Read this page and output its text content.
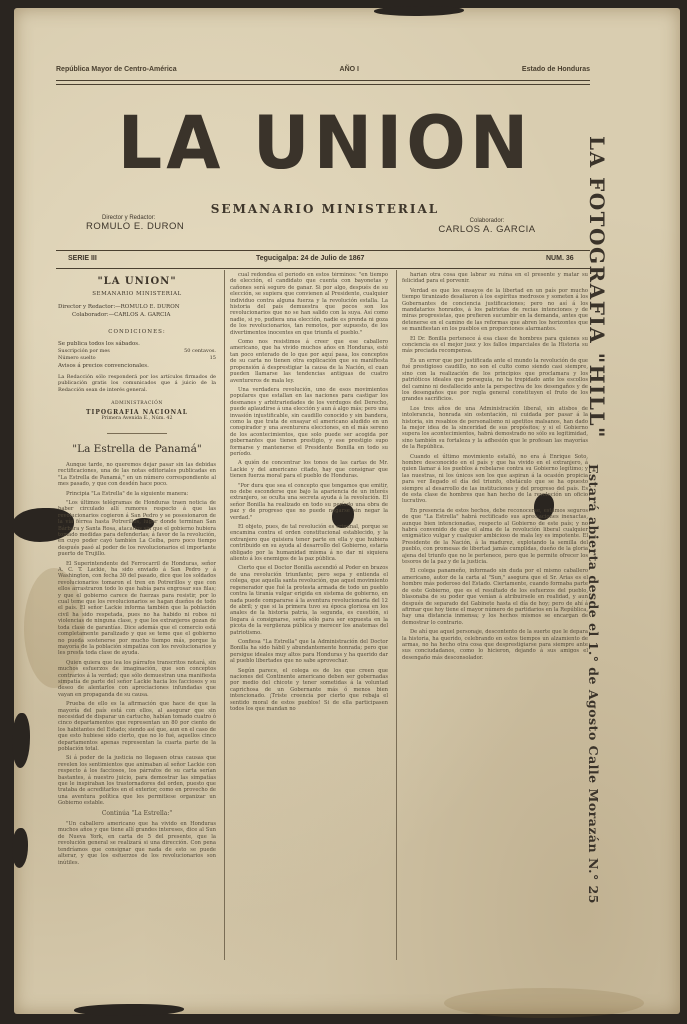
República Mayor de Centro-América	AÑO I	Estado de Honduras
LA UNION
SEMANARIO MINISTERIAL
Director y Redactor:
ROMULO E. DURON	Colaborador:
CARLOS A. GARCIA
SERIE III	Tegucigalpa: 24 de Julio de 1867	NUM. 36
"LA UNION"
SEMANARIO MINISTERIAL
Director y Redactor:—ROMULO E. DURON
Colaborador:—CARLOS A. GARCIA
CONDICIONES:
Se publica todos los sábados.
Suscripción por mes	50 centavos.
Número suelto	15
Avisos á precios convencionales.
La Redacción sólo responderá por los artículos firmados de publicación gratis los comunicados que á juicio de la Redacción sean de interés general.
ADMINISTRACIÓN
TIPOGRAFIA NACIONAL
Primera Avenida E., Núm. 42
"La Estrella de Panamá"

Aunque tarde, no queremos dejar pasar sin las debidas rectificaciones, una de las notas editoriales publicadas en "La Estrella de Panamá," en un número correspondiente al mes pasado, y que con desdén hace poco.

Principia "La Estrella" de la siguiente manera:

"Los últimos telégramas de Honduras traen noticia de haber circulado allí rumores respecto á que las revolucionarios cogieron á San Pedro y se posesionaron de la vía férrea hasta Potrerillos, lugar donde terminan San Bárbara y Santa Rosa, atacados sin que el gobierno hubiera tomado medidas para defenderlas; á favor de la revolución, en cuyo poder cayó también La Ceiba, pero poco tiempo después pasó al poder de los revolucionarios el importante puerto de Trujillo.

El Superintendente del Ferrocarril de Honduras, señor A. C. T. Lackie, ha sido enviado á San Pedro y á Washington, con fecha 30 del pasado, dice que los soldados revolucionarios tomaron el tren en Potrerillos y que con ellos arrastraron todo lo que había para engrosar sus filas; y que el gobierno carece de fuerzas para resistir, por lo cual teme que los revolucionarios se hagan dueños de todo el país. El señor Lackie informa también que la población civil ha sido respetada, pues no ha habido ni robos ni violencias de ninguna clase, y que los extranjeros gozan de toda clase de garantías. Dice además que el comercio está completamente paralizado y que se teme que el gobierno no pueda sostenerse por mucho tiempo más, porque la mayoría de la población simpatiza con los revolucionarios y les presta toda clase de ayuda.

Quien quiera que lea los párrafos transcritos notará, sin muchos esfuerzos de imaginación, que son conceptos contrarios á la verdad; que sólo demuestran una manifiesta simpatía de parte del señor Lackie hacia los facciosos y su deseo de alentarlos con apreciaciones infundadas que vayan en propaganda de su causa.

Prueba de ello es la afirmación que hace de que la mayoría del país está con ellos, al asegurar que sin necesidad de disparar un cartucho, habían tomado cuatro ó cinco departamentos que representan un 80 por ciento de los habitantes del Estado; siendo así que, aun en el caso de que esto hubiese sido cierto, que no lo fué, aquellos cinco departamentos apenas representan la cuarta parte de la población total.

Si á poder de la justicia no llegasen otras causas que revelen los sentimientos que animaban al señor Lackie con respecto á los facciosos, los párrafos de su carta serían bastantes, á nuestro juicio, para demostrar las simpatías que le inspiraban los trastornadores del orden, puesto que trataba de acreditarlos en el exterior, como en provecho de una aventura política que les permitiese organizar un Gobierno estable.

Continúa "La Estrella:"

"Un caballero americano que ha vivido en Honduras muchos años y que tiene allí grandes intereses, dice al Sun de Nueva York, en carta de 5 del presente, que la revolución general se realizará si una dirección. Con pena tendríamos que consignar que nada de esto se puede alterar, y que los esfuerzos de los revolucionarios son inútiles.

cual redondea el período en estos términos: "en tiempo de elección, el candidato que cuenta con bayonetas y cañones será seguro de ganar. Si por algo, después de su elección, se supiera que convienen al Presidente, cualquier individuo contra alguna fuerza y la revolución estalla. La historia del país demuestra que pocos son los revolucionarios que no se han salido con la suya. Así como nadie, si yo, pudiera una elección, nadie es prenda ni goza de los revolucionarios, tan remotos, por supuesto, de los divertimentos inocentes en que triunfa el pueblo."

Como nos resistimos á creer que ese caballero americano, que ha vivido muchos años en Honduras, esté tan poco enterado de lo que por aquí pasa, los conceptos de su carta no tienen otra explicación que su manifiesta propensión á desprestigiar la causa de la Nación, el cuan pueden llamarse las tendencias antiguas de cuatro aventureros de mala ley.

Una verdadera revolución, uno de esos movimientos populares que estallan en las naciones para castigar los desmanes y arbitrariedades de los verdugos del Derecho, puede aplaudirse á una elección y aun á algo más; pero una invasión injustificable, sin caudillo conocido y sin bandera, como la que trata de ensayar el americano aludido en un conspirador y una aventurera elecciones, en el más sereno de los acontecimientos, que solo puede ser acogida por gobernantes que tienen prestigio, y ese prestigio supo formarse y mantenerse el Presidente Bonilla en todo su período.

A quién de concentrar los tonos de las cartas de Mr. Lackie y del americano citado, hay que consignar que tienen fuerza moral para el pueblo de Honduras.

"Por dura que sea el concepto que tengamos que emitir, no debe esconderse que bajo la apariencia de un interés extranjero, se oculta una secreta ayuda á la revolución. El señor Bonilla ha realizado en todo su período una obra de paz y de progreso que no puede negarse sin negar la verdad."

El objeto, pues, de tal revolución es criminal, porque se encamina contra el orden constitucional establecido, y la extranjero que quisiera tener parte en ella y que hubiera contribuido en su ayuda al desarrollo del Gobierno, estaría obligado por la humanidad misma á no dar ni siquiera aliento á los enemigos de la paz pública.

Cierto que el Doctor Bonilla ascendió al Poder en brazos de una revolución triunfante; pero sepa y entienda el colega, que aquella santa revolución, que aquel movimiento regenerador que fué la protesta armada de todo un pueblo contra la tiranía vulgar erigida en sistema de gobierno, en nada puede compararse á la aventura revolucionaria del 12 de abril; y que si la primera tuvo su época gloriosa en los anales de la historia patria, la segunda, es cuestión, si llegara á consignarse, sería sólo para ser expuesta en la picota de la vergüenza pública y merecer los anatemas del patriotismo.

Confiesa "La Estrella" que la Administración del Doctor Bonilla ha sido hábil y abundantemente honrada; pero que persigue ideales muy altos para Honduras y ha querido dar al pueblo libertades que no sabe aprovechar.

Según parece, el colega es de los que creen que naciones del Continente americano deben ser gobernadas por medio del chicote y tener sometidas á la voluntad caprichosa de un Gobernante más ó menos bien intencionado. ¡Triste creencia por cierto que rebaja el sentido moral de estos pueblos! Si de ella participasen todos los que mandan no

harían otra cosa que labrar su ruina en el presente y matar su felicidad para el porvenir.

Verdad es que los ensayos de la libertad en un país por mucho tiempo tiranizado desaliaron á los espíritus medrosos y someten á los Gobernantes de conciencia justificaciones; pero no así á los mandatarios honrados, á los patriotas de recias intenciones y de miras progresistas, que prefieren sucumbir en la demanda, antes que detenerse en el camino de las reformas que abren los horizontes que se manifiestan en los pueblos en proporciones alarmantes.

El Dr. Bonilla pertenece á esa clase de hombres para quienes su conciencia es el mejor juez y los fallos imparciales de la Historia su más preciada recompensa.

Es un error que por justificada ante el mundo la revolución de que fué prestigioso caudillo, no son el culto como siendo casi siempre, sino con la realización de los principios que proclamara y los patrióticos ideales que perseguía, no ha trepidado ante los escollos del camino ni desfallecido ante la perspectiva de los desengaños y de los desengaños que por regla general constituyen el fruto de los grandes sacrificios.

Los tres años de una Administración liberal, sin atisbos de intolerancia, honrada sin ostentación, ni cuidada por pasar á la historia, sin resabios de personalismo ni apetitos malsanos, han dado la mejor idea de la sinceridad de sus propósitos; y si el Gobierno supera los acontecimientos, habrá demostrado no sólo su legitimidad, sino también su fortaleza y la adhesión que le profesan las mayorías de la República.

Cuando el último movimiento estalló, no era á Enrique Soto, hombre desconocido en el país y que ha vivido en el extranjero, á quien llamar á los pueblos á rebelarse contra su Gobierno legítimo; y las nuestras, ni los únicos son los que aspiran á la ocasión propicia para ver llegado el día del triunfo, obstáculo que se ha opuesto siempre al desarrollo de las instituciones y del progreso del país. Es de esta clase de hombres que han hecho de la revolución un oficio lucrativo.

En presencia de estos hechos, debe reconocerse, estamos seguros de que "La Estrella" habrá rectificado sus apreciaciones inexactas, aunque bien intencionadas, respecto al Gobierno de este país; y no habrá convenido de que el alma de la revolución liberal cualquier enigmático vulgar y cualquier ambicioso de mala ley es impotente. El Presidente de la Nación, á la madurez, explotando la semilla del pueblo, con promesas de libertad jamás cumplidas, dueño de la gloria ajena del triunfo que no le pertenece, pero que le permite ofrecer los tesoros de la paz y de la justicia.

El colega panameño, informado sin duda por el mismo caballero americano, autor de la carta al "Sun," asegura que el Sr. Arias es el hombre más poderoso del Estado. Ciertamente, cuando formaba parte de este Gobierno, que es el resultado de los esfuerzos del pueblo, blasonaba de su poder que venían á atribuirsele en realidad, y aun después de separado del Gabinete hasta el día de hoy; pero de ahí á afirmar que hoy tiene el mayor número de partidarios en la República, hay una distancia inmensa; y los hechos mismos se encargan de demostrar lo contrario.

De ahí que aquel personaje, descontento de la suerte que le depara la historia, ha querido, celebrando en estos tiempos un alzamiento de armas, no ha hecho otra cosa que desprestigiarse para siempre ante sus conciudadanos, como lo hicieron, dejando á sus amigos el desengaño más desconsolador.

LA FOTOGRAFIA "HILL"
Estará abierta desde el 1.° de Agosto Calle Morazán N.° 25
